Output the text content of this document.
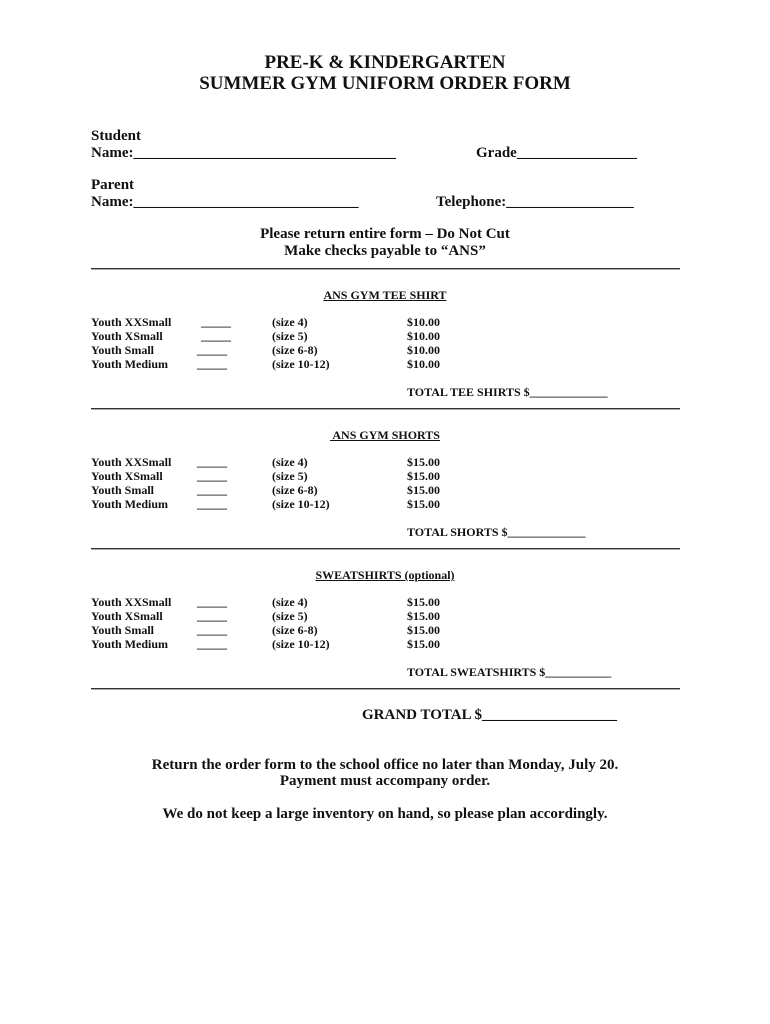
PRE-K & KINDERGARTEN
SUMMER GYM UNIFORM ORDER FORM
Student
Name:___________________________________	Grade________________
Parent
Name:______________________________	Telephone:_________________
Please return entire form – Do Not Cut
Make checks payable to “ANS”
ANS GYM TEE SHIRT
Youth XXSmall _____	(size 4)	$10.00
Youth XSmall	_____	(size 5)	$10.00
Youth Small	_____	(size 6-8)	$10.00
Youth Medium _____	(size 10-12)	$10.00
TOTAL TEE SHIRTS $_____________
ANS GYM SHORTS
Youth XXSmall _____	(size 4)	$15.00
Youth XSmall	_____	(size 5)	$15.00
Youth Small	_____	(size 6-8)	$15.00
Youth Medium _____	(size 10-12)	$15.00
TOTAL SHORTS $_____________
SWEATSHIRTS (optional)
Youth XXSmall _____	(size 4)	$15.00
Youth XSmall	_____	(size 5)	$15.00
Youth Small	_____	(size 6-8)	$15.00
Youth Medium _____	(size 10-12)	$15.00
TOTAL SWEATSHIRTS $___________
GRAND TOTAL $__________________
Return the order form to the school office no later than Monday, July 20.
Payment must accompany order.
We do not keep a large inventory on hand, so please plan accordingly.
